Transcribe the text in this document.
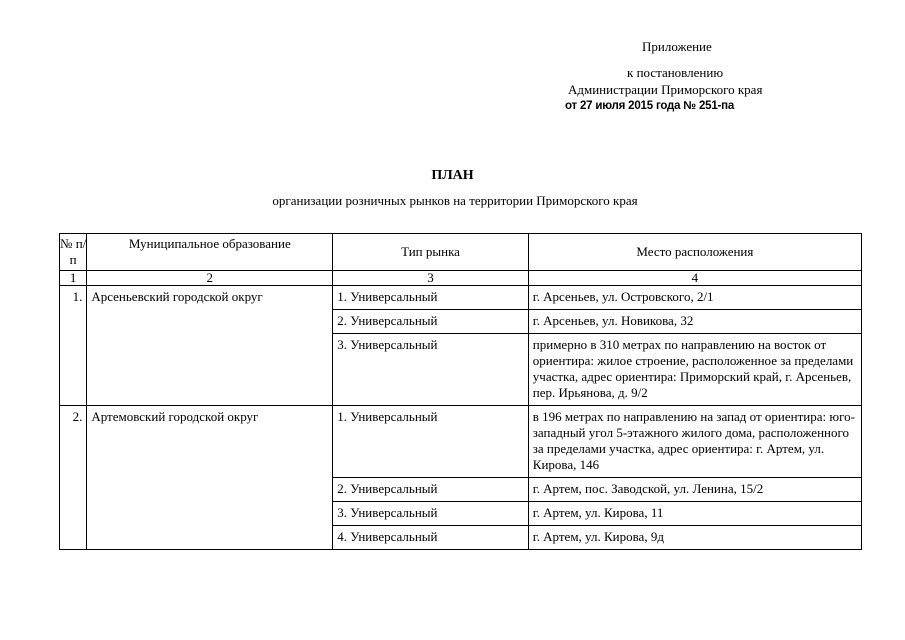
Приложение
к постановлению
Администрации Приморского края
от 27 июля 2015 года № 251-па
ПЛАН
организации розничных рынков на территории Приморского края
№ п/п	Муниципальное образование	Тип рынка	Место расположения
1	2	3	4
1.	Арсеньевский городской округ	1. Универсальный	г. Арсеньев, ул. Островского, 2/1
		2. Универсальный	г. Арсеньев, ул. Новикова, 32
		3. Универсальный	примерно в 310 метрах по направлению на восток от ориентира: жилое строение, расположенное за пределами участка, адрес ориентира: Приморский край, г. Арсеньев, пер. Ирьянова, д. 9/2
2.	Артемовский городской округ	1. Универсальный	в 196 метрах по направлению на запад от ориентира: юго-западный угол 5-этажного жилого дома, расположенного за пределами участка, адрес ориентира: г. Артем, ул. Кирова, 146
		2. Универсальный	г. Артем, пос. Заводской, ул. Ленина, 15/2
		3. Универсальный	г. Артем, ул. Кирова, 11
		4. Универсальный	г. Артем, ул. Кирова, 9д
